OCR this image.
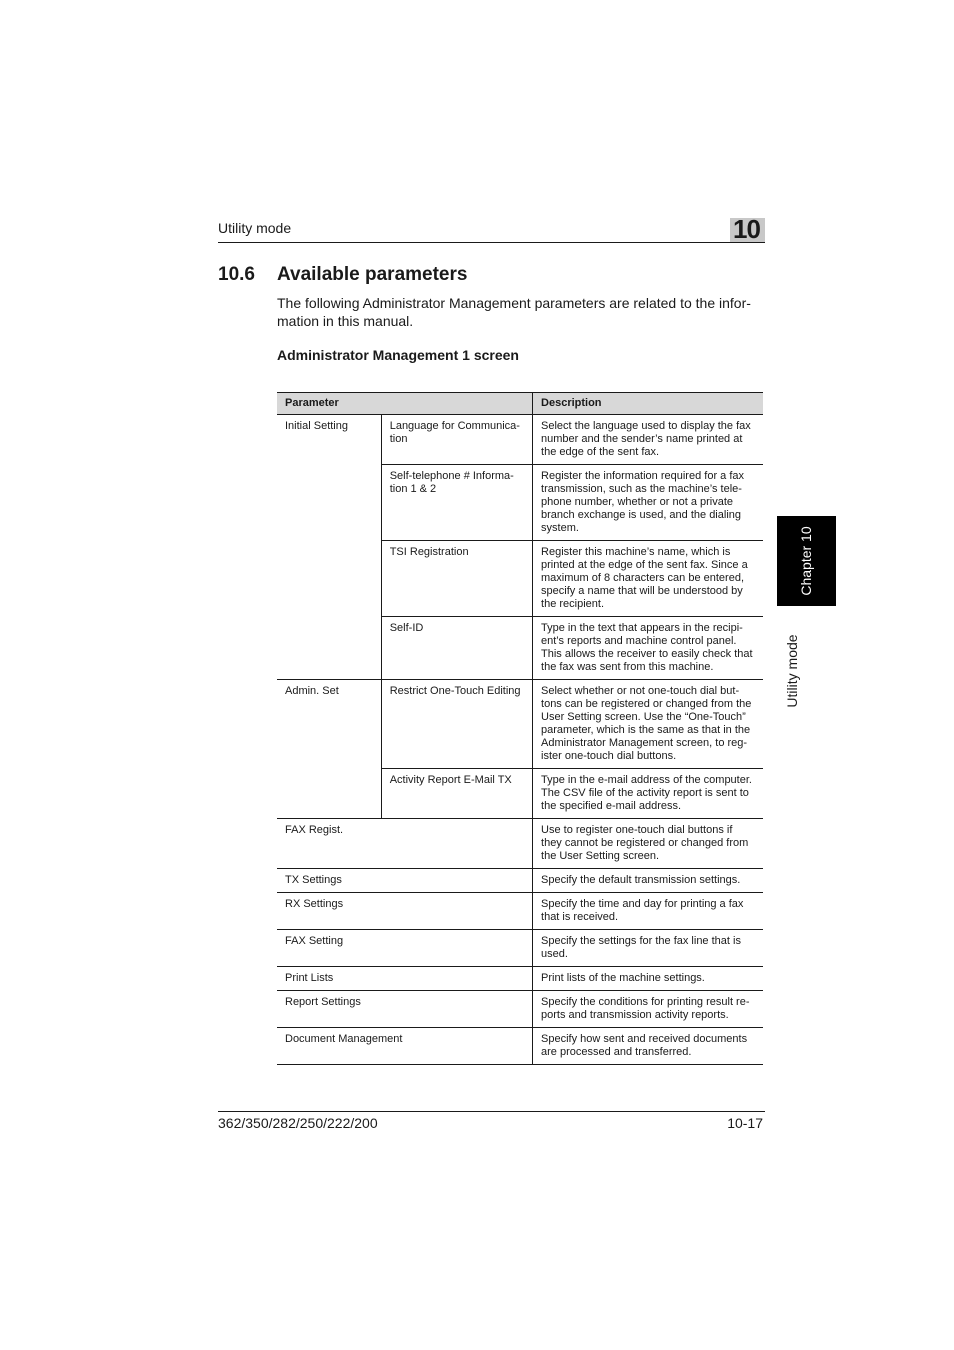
Utility mode	10
10.6 Available parameters
The following Administrator Management parameters are related to the infor-mation in this manual.
Administrator Management 1 screen
Parameter		Description
Initial Setting	Language for Communica-tion	Select the language used to display the fax number and the sender’s name printed at the edge of the sent fax.
	Self-telephone # Informa-tion 1 & 2	Register the information required for a fax transmission, such as the machine’s tele-phone number, whether or not a private branch exchange is used, and the dialing system.
	TSI Registration	Register this machine’s name, which is printed at the edge of the sent fax. Since a maximum of 8 characters can be entered, specify a name that will be understood by the recipient.
	Self-ID	Type in the text that appears in the recipi-ent’s reports and machine control panel. This allows the receiver to easily check that the fax was sent from this machine.
Admin. Set	Restrict One-Touch Editing	Select whether or not one-touch dial but-tons can be registered or changed from the User Setting screen. Use the “One-Touch” parameter, which is the same as that in the Administrator Management screen, to reg-ister one-touch dial buttons.
	Activity Report E-Mail TX	Type in the e-mail address of the computer. The CSV file of the activity report is sent to the specified e-mail address.
FAX Regist.		Use to register one-touch dial buttons if they cannot be registered or changed from the User Setting screen.
TX Settings		Specify the default transmission settings.
RX Settings		Specify the time and day for printing a fax that is received.
FAX Setting		Specify the settings for the fax line that is used.
Print Lists		Print lists of the machine settings.
Report Settings		Specify the conditions for printing result re-ports and transmission activity reports.
Document Management		Specify how sent and received documents are processed and transferred.
362/350/282/250/222/200	10-17
Chapter 10
Utility mode
